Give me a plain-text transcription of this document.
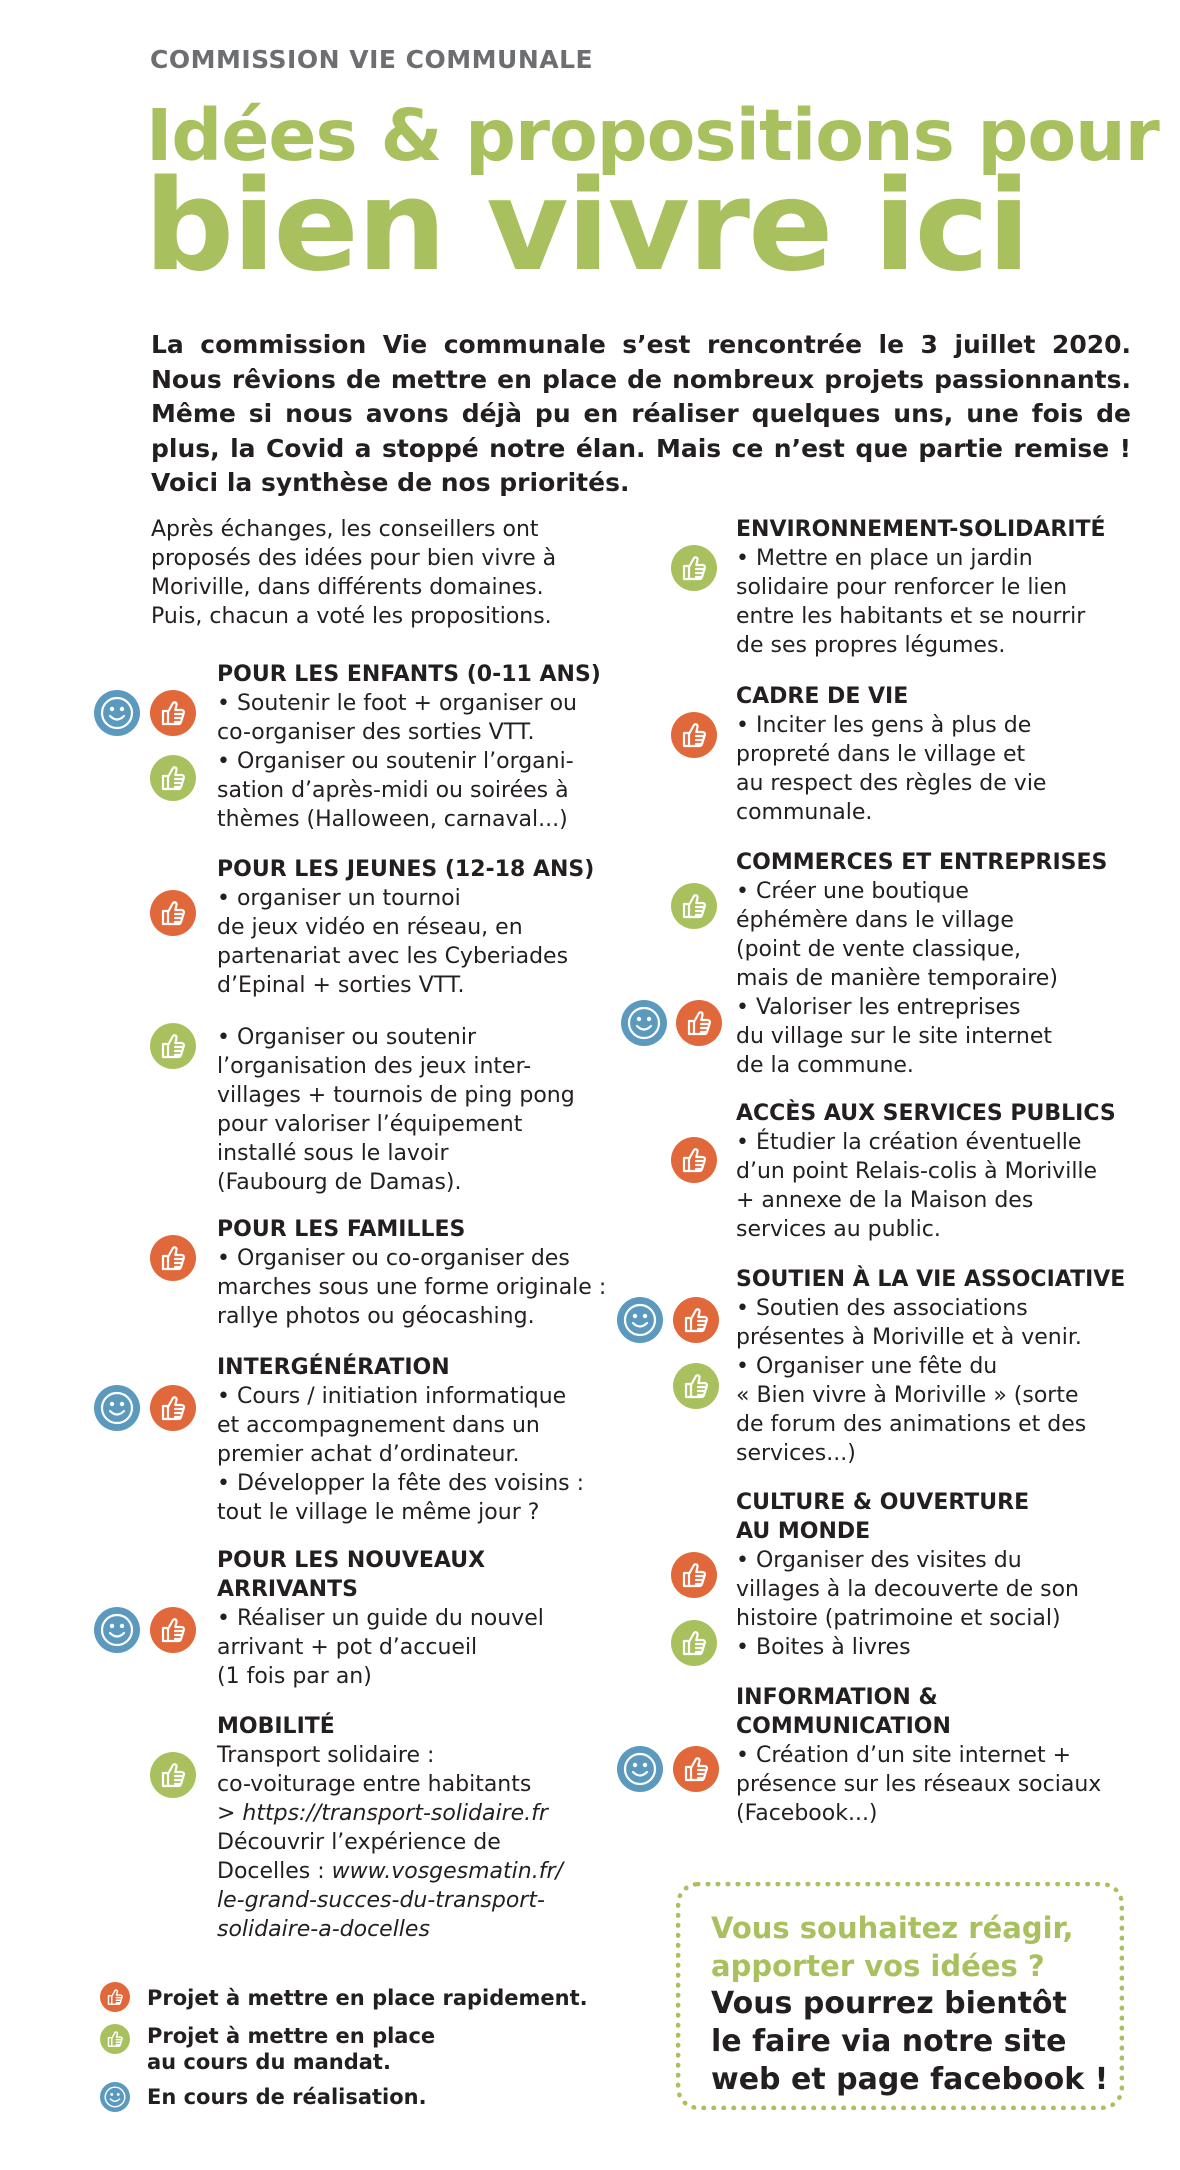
COMMISSION VIE COMMUNALE
Idées & propositions pour
bien vivre ici
La commission Vie communale s’est rencontrée le 3 juillet 2020. Nous rêvions de mettre en place de nombreux projets passionnants. Même si nous avons déjà pu en réaliser quelques uns, une fois de plus, la Covid a stoppé notre élan. Mais ce n’est que partie remise ! Voici la synthèse de nos priorités.

Après échanges, les conseillers ont

proposés des idées pour bien vivre à

Moriville, dans différents domaines.

Puis, chacun a voté les propositions.

POUR LES ENFANTS (0-11 ANS)

• Soutenir le foot + organiser ou

co-organiser des sorties VTT.

• Organiser ou soutenir l’organi-

sation d’après-midi ou soirées à

thèmes (Halloween, carnaval...)

POUR LES JEUNES (12-18 ANS)

• organiser un tournoi

de jeux vidéo en réseau, en

partenariat avec les Cyberiades

d’Epinal + sorties VTT.

• Organiser ou soutenir

l’organisation des jeux inter-

villages + tournois de ping pong

pour valoriser l’équipement

installé sous le lavoir

(Faubourg de Damas).

POUR LES FAMILLES

• Organiser ou co-organiser des

marches sous une forme originale :

rallye photos ou géocashing.

INTERGÉNÉRATION

• Cours / initiation informatique

et accompagnement dans un

premier achat d’ordinateur.

• Développer la fête des voisins :

tout le village le même jour ?

POUR LES NOUVEAUX
ARRIVANTS

• Réaliser un guide du nouvel

arrivant + pot d’accueil

(1 fois par an)

MOBILITÉ

Transport solidaire :

co-voiturage entre habitants

> https://transport-solidaire.fr

Découvrir l’expérience de

Docelles : www.vosgesmatin.fr/

le-grand-succes-du-transport-

solidaire-a-docelles

ENVIRONNEMENT-SOLIDARITÉ

• Mettre en place un jardin

solidaire pour renforcer le lien

entre les habitants et se nourrir

de ses propres légumes.

CADRE DE VIE

• Inciter les gens à plus de

propreté dans le village et

au respect des règles de vie

communale.

COMMERCES ET ENTREPRISES

• Créer une boutique

éphémère dans le village

(point de vente classique,

mais de manière temporaire)

• Valoriser les entreprises

du village sur le site internet

de la commune.

ACCÈS AUX SERVICES PUBLICS

• Étudier la création éventuelle

d’un point Relais-colis à Moriville

+ annexe de la Maison des

services au public.

SOUTIEN À LA VIE ASSOCIATIVE

• Soutien des associations

présentes à Moriville et à venir.

• Organiser une fête du

« Bien vivre à Moriville » (sorte

de forum des animations et des

services...)

CULTURE & OUVERTURE
AU MONDE

• Organiser des visites du

villages à la decouverte de son

histoire (patrimoine et social)

• Boites à livres

INFORMATION &
COMMUNICATION

• Création d’un site internet +

présence sur les réseaux sociaux

(Facebook...)

Projet à mettre en place rapidement.
Projet à mettre en place
au cours du mandat.
En cours de réalisation.
Vous souhaitez réagir,
apporter vos idées ?
Vous pourrez bientôt
le faire via notre site
web et page facebook !
